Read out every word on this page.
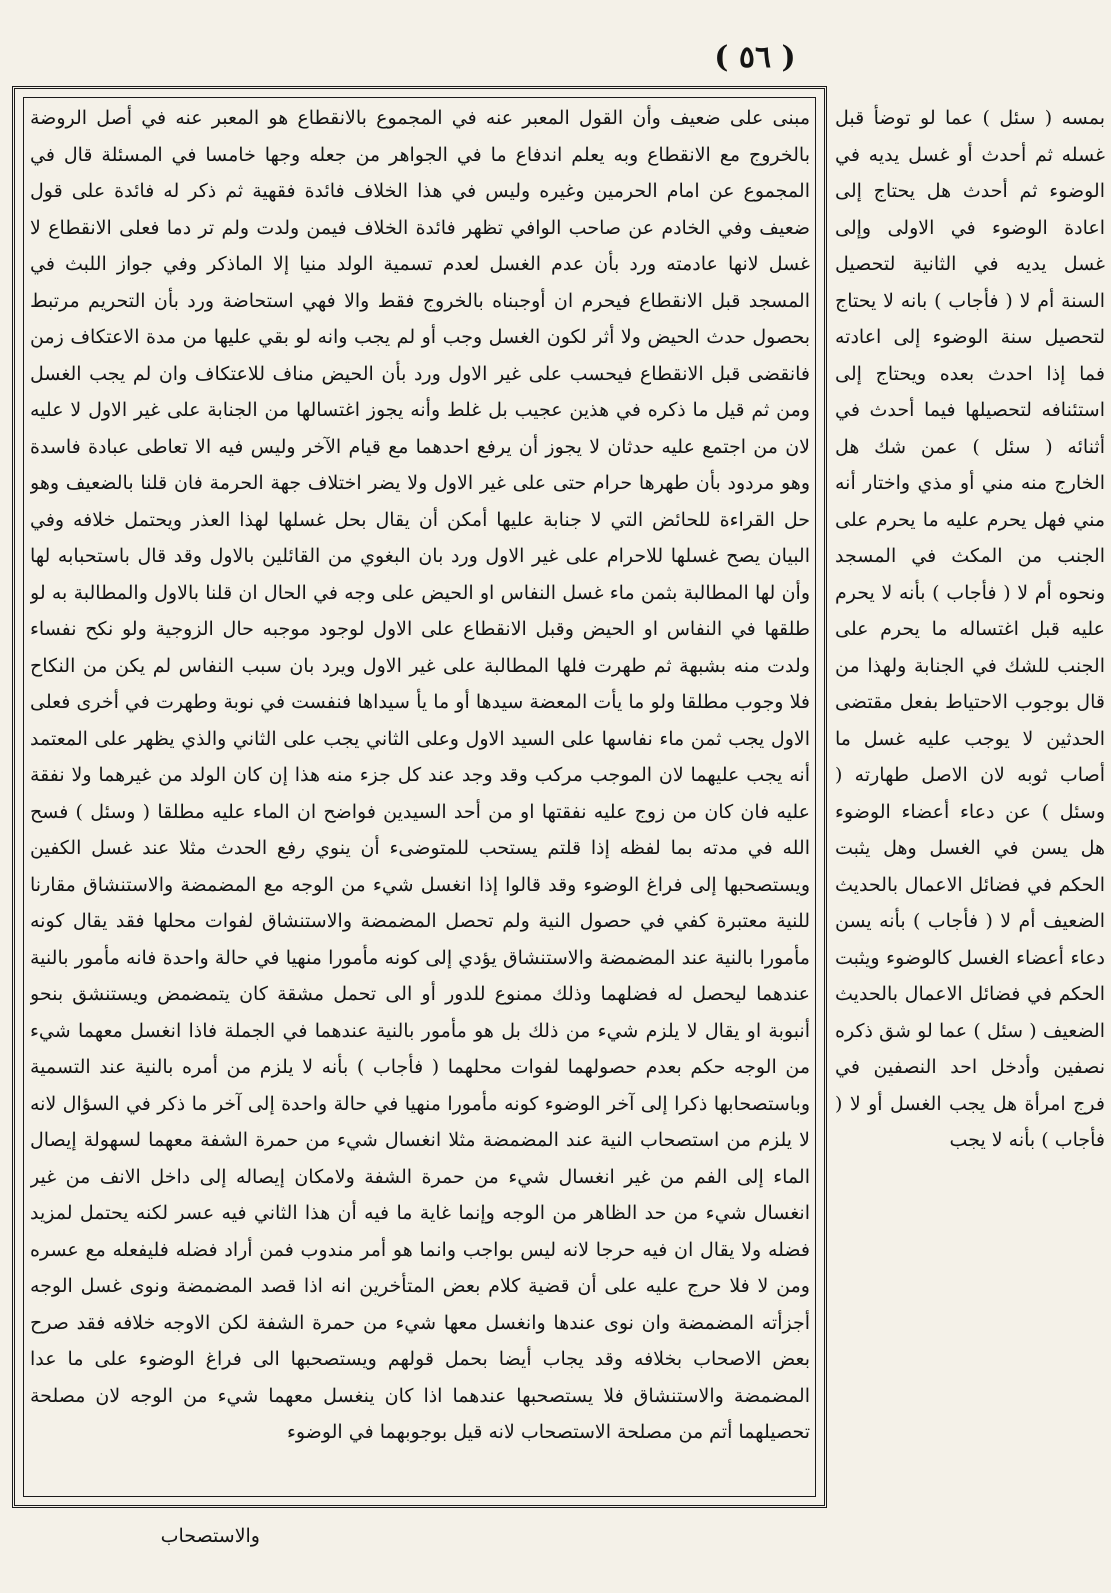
( ٥٦ )

مبنى على ضعيف وأن القول المعبر عنه في المجموع بالانقطاع هو المعبر عنه في أصل الروضة بالخروج مع الانقطاع وبه يعلم اندفاع ما في الجواهر من جعله وجها خامسا في المسئلة قال في المجموع عن امام الحرمين وغيره وليس في هذا الخلاف فائدة فقهية ثم ذكر له فائدة على قول ضعيف وفي الخادم عن صاحب الوافي تظهر فائدة الخلاف فيمن ولدت ولم تر دما فعلى الانقطاع لا غسل لانها عادمته ورد بأن عدم الغسل لعدم تسمية الولد منيا إلا الماذكر وفي جواز اللبث في المسجد قبل الانقطاع فيحرم ان أوجبناه بالخروج فقط والا فهي استحاضة ورد بأن التحريم مرتبط بحصول حدث الحيض ولا أثر لكون الغسل وجب أو لم يجب وانه لو بقي عليها من مدة الاعتكاف زمن فانقضى قبل الانقطاع فيحسب على غير الاول ورد بأن الحيض مناف للاعتكاف وان لم يجب الغسل ومن ثم قيل ما ذكره في هذين عجيب بل غلط وأنه يجوز اغتسالها من الجنابة على غير الاول لا عليه لان من اجتمع عليه حدثان لا يجوز أن يرفع احدهما مع قيام الآخر وليس فيه الا تعاطى عبادة فاسدة وهو مردود بأن طهرها حرام حتى على غير الاول ولا يضر اختلاف جهة الحرمة فان قلنا بالضعيف وهو حل القراءة للحائض التي لا جنابة عليها أمكن أن يقال بحل غسلها لهذا العذر ويحتمل خلافه وفي البيان يصح غسلها للاحرام على غير الاول ورد بان البغوي من القائلين بالاول وقد قال باستحبابه لها وأن لها المطالبة بثمن ماء غسل النفاس او الحيض على وجه في الحال ان قلنا بالاول والمطالبة به لو طلقها في النفاس او الحيض وقبل الانقطاع على الاول لوجود موجبه حال الزوجية ولو نكح نفساء ولدت منه بشبهة ثم طهرت فلها المطالبة على غير الاول ويرد بان سبب النفاس لم يكن من النكاح فلا وجوب مطلقا ولو ما يأت المعضة سيدها أو ما يأ سيداها فنفست في نوبة وطهرت في أخرى فعلى الاول يجب ثمن ماء نفاسها على السيد الاول وعلى الثاني يجب على الثاني والذي يظهر على المعتمد أنه يجب عليهما لان الموجب مركب وقد وجد عند كل جزء منه هذا إن كان الولد من غيرهما ولا نفقة عليه فان كان من زوج عليه نفقتها او من أحد السيدين فواضح ان الماء عليه مطلقا ( وسئل ) فسح الله في مدته بما لفظه إذا قلتم يستحب للمتوضىء أن ينوي رفع الحدث مثلا عند غسل الكفين ويستصحبها إلى فراغ الوضوء وقد قالوا إذا انغسل شيء من الوجه مع المضمضة والاستنشاق مقارنا للنية معتبرة كفي في حصول النية ولم تحصل المضمضة والاستنشاق لفوات محلها فقد يقال كونه مأمورا بالنية عند المضمضة والاستنشاق يؤدي إلى كونه مأمورا منهيا في حالة واحدة فانه مأمور بالنية عندهما ليحصل له فضلهما وذلك ممنوع للدور أو الى تحمل مشقة كان يتمضمض ويستنشق بنحو أنبوبة او يقال لا يلزم شيء من ذلك بل هو مأمور بالنية عندهما في الجملة فاذا انغسل معهما شيء من الوجه حكم بعدم حصولهما لفوات محلهما ( فأجاب ) بأنه لا يلزم من أمره بالنية عند التسمية وباستصحابها ذكرا إلى آخر الوضوء كونه مأمورا منهيا في حالة واحدة إلى آخر ما ذكر في السؤال لانه لا يلزم من استصحاب النية عند المضمضة مثلا انغسال شيء من حمرة الشفة معهما لسهولة إيصال الماء إلى الفم من غير انغسال شيء من حمرة الشفة ولامكان إيصاله إلى داخل الانف من غير انغسال شيء من حد الظاهر من الوجه وإنما غاية ما فيه أن هذا الثاني فيه عسر لكنه يحتمل لمزيد فضله ولا يقال ان فيه حرجا لانه ليس بواجب وانما هو أمر مندوب فمن أراد فضله فليفعله مع عسره ومن لا فلا حرج عليه على أن قضية كلام بعض المتأخرين انه اذا قصد المضمضة ونوى غسل الوجه أجزأته المضمضة وان نوى عندها وانغسل معها شيء من حمرة الشفة لكن الاوجه خلافه فقد صرح بعض الاصحاب بخلافه وقد يجاب أيضا بحمل قولهم ويستصحبها الى فراغ الوضوء على ما عدا المضمضة والاستنشاق فلا يستصحبها عندهما اذا كان ينغسل معهما شيء من الوجه لان مصلحة تحصيلهما أتم من مصلحة الاستصحاب لانه قيل بوجوبهما في الوضوء

بمسه ( سئل ) عما لو توضأ قبل غسله ثم أحدث أو غسل يديه في الوضوء ثم أحدث هل يحتاج إلى اعادة الوضوء في الاولى وإلى غسل يديه في الثانية لتحصيل السنة أم لا ( فأجاب ) بانه لا يحتاج لتحصيل سنة الوضوء إلى اعادته فما إذا احدث بعده ويحتاج إلى استئنافه لتحصيلها فيما أحدث في أثنائه ( سئل ) عمن شك هل الخارج منه مني أو مذي واختار أنه مني فهل يحرم عليه ما يحرم على الجنب من المكث في المسجد ونحوه أم لا ( فأجاب ) بأنه لا يحرم عليه قبل اغتساله ما يحرم على الجنب للشك في الجنابة ولهذا من قال بوجوب الاحتياط بفعل مقتضى الحدثين لا يوجب عليه غسل ما أصاب ثوبه لان الاصل طهارته ( وسئل ) عن دعاء أعضاء الوضوء هل يسن في الغسل وهل يثبت الحكم في فضائل الاعمال بالحديث الضعيف أم لا ( فأجاب ) بأنه يسن دعاء أعضاء الغسل كالوضوء ويثبت الحكم في فضائل الاعمال بالحديث الضعيف ( سئل ) عما لو شق ذكره نصفين وأدخل احد النصفين في فرج امرأة هل يجب الغسل أو لا ( فأجاب ) بأنه لا يجب

والاستصحاب
